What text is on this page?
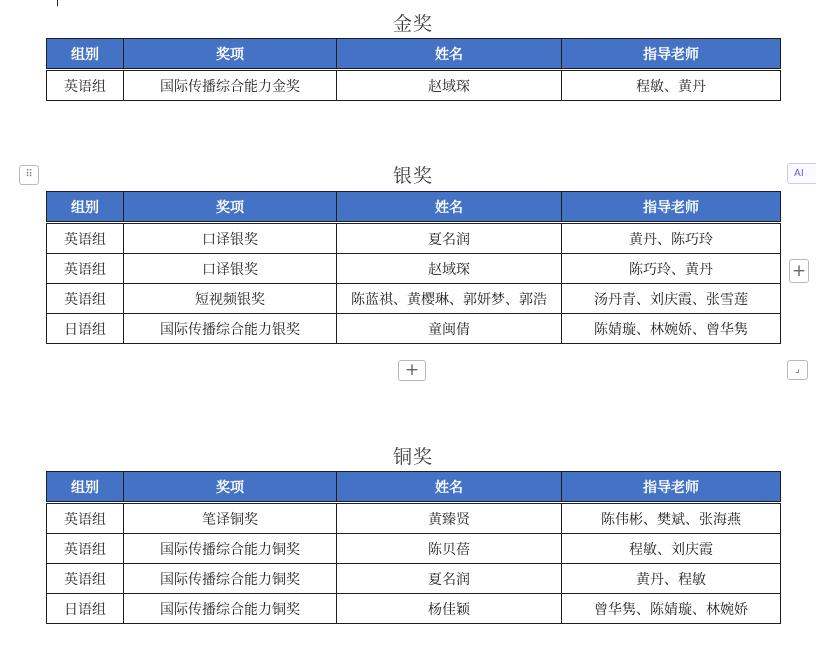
金奖
组别	奖项	姓名	指导老师
英语组	国际传播综合能力金奖	赵域琛	程敏、黄丹
⠿	AI
银奖
组别	奖项	姓名	指导老师
英语组	口译银奖	夏名润	黄丹、陈巧玲
英语组	口译银奖	赵域琛	陈巧玲、黄丹
英语组	短视频银奖	陈蓝祺、黄樱琳、郭妍梦、郭浩	汤丹青、刘庆霞、张雪莲
日语组	国际传播综合能力银奖	童闽倩	陈婧璇、林婉娇、曾华隽
+
+	⌟
铜奖
组别	奖项	姓名	指导老师
英语组	笔译铜奖	黄臻贤	陈伟彬、樊斌、张海燕
英语组	国际传播综合能力铜奖	陈贝蓓	程敏、刘庆霞
英语组	国际传播综合能力铜奖	夏名润	黄丹、程敏
日语组	国际传播综合能力铜奖	杨佳颖	曾华隽、陈婧璇、林婉娇
